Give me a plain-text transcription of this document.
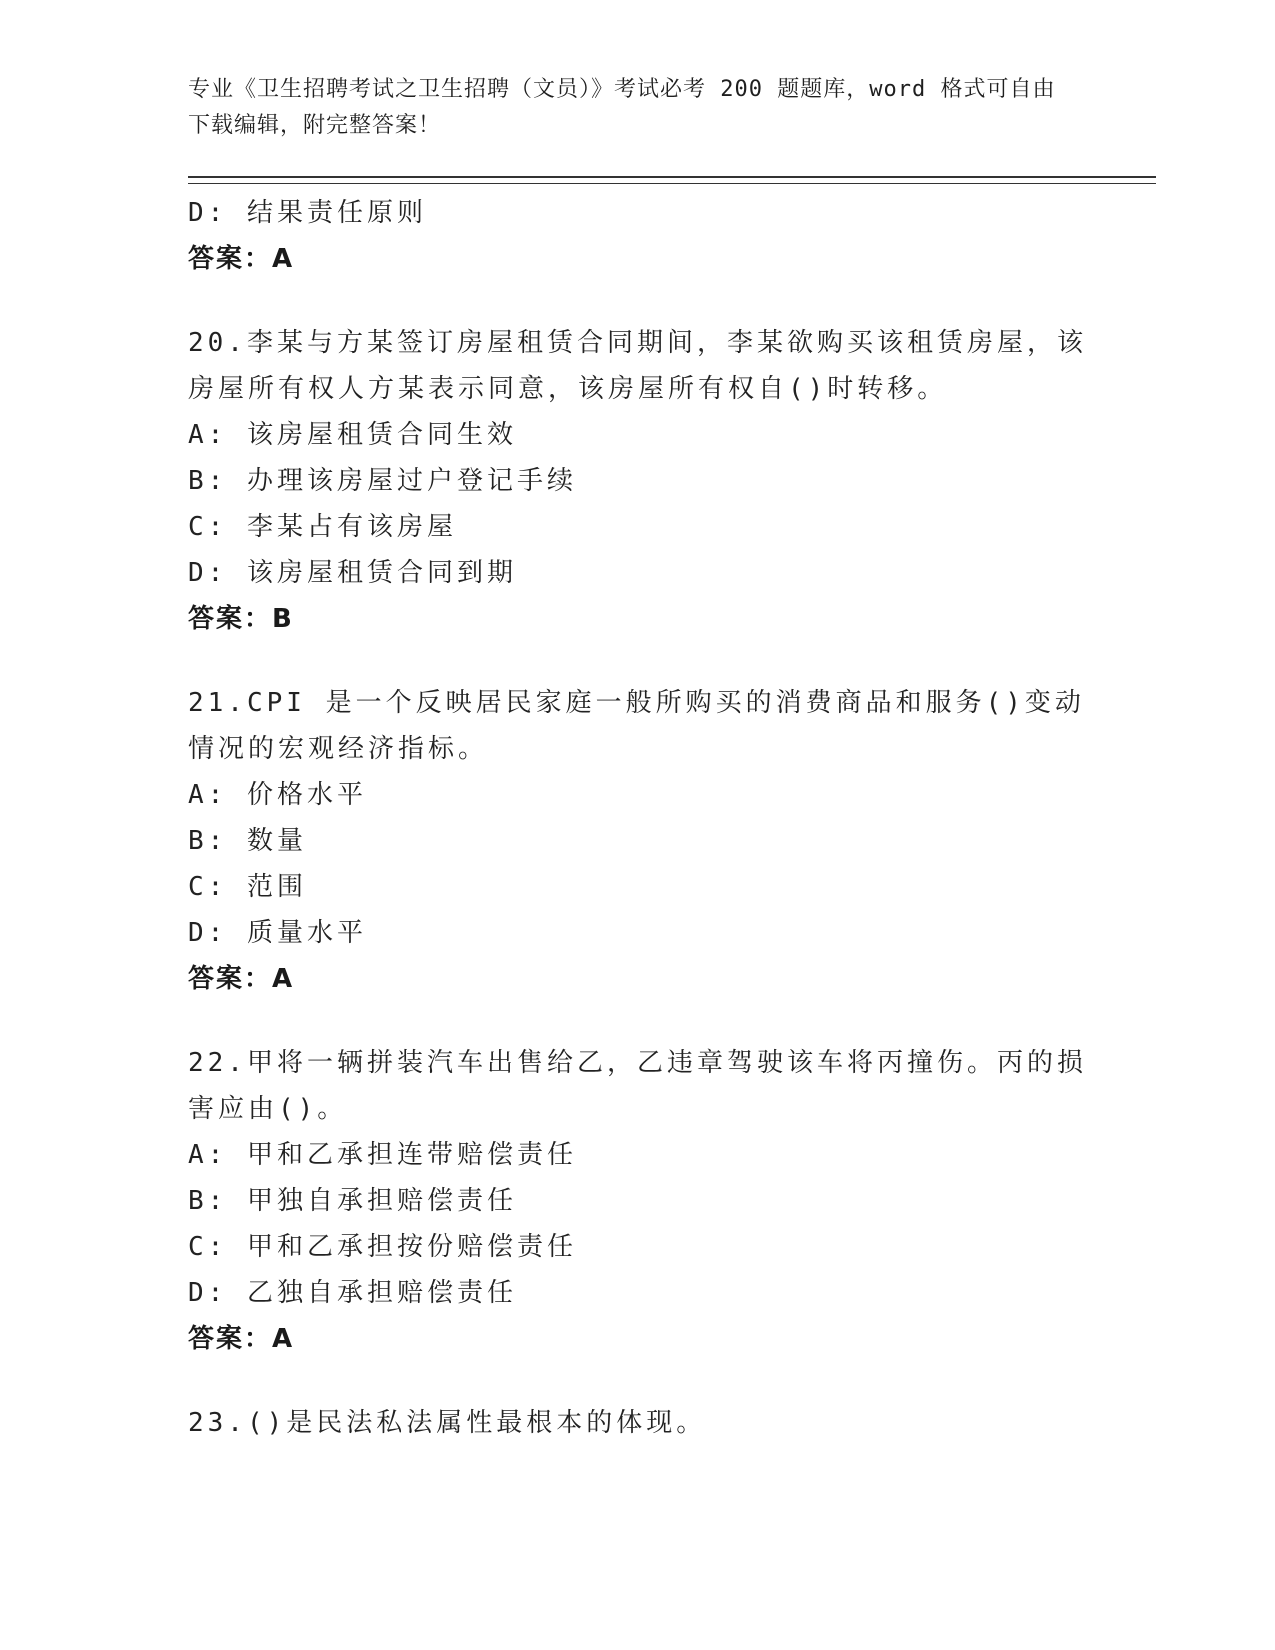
专业《卫生招聘考试之卫生招聘（文员）》考试必考 200 题题库，word 格式可自由下载编辑，附完整答案！
D: 结果责任原则
答案：A
20.李某与方某签订房屋租赁合同期间，李某欲购买该租赁房屋，该房屋所有权人方某表示同意，该房屋所有权自()时转移。
A: 该房屋租赁合同生效
B: 办理该房屋过户登记手续
C: 李某占有该房屋
D: 该房屋租赁合同到期
答案：B
21.CPI 是一个反映居民家庭一般所购买的消费商品和服务()变动情况的宏观经济指标。
A: 价格水平
B: 数量
C: 范围
D: 质量水平
答案：A
22.甲将一辆拼装汽车出售给乙，乙违章驾驶该车将丙撞伤。丙的损害应由()。
A: 甲和乙承担连带赔偿责任
B: 甲独自承担赔偿责任
C: 甲和乙承担按份赔偿责任
D: 乙独自承担赔偿责任
答案：A
23.()是民法私法属性最根本的体现。
